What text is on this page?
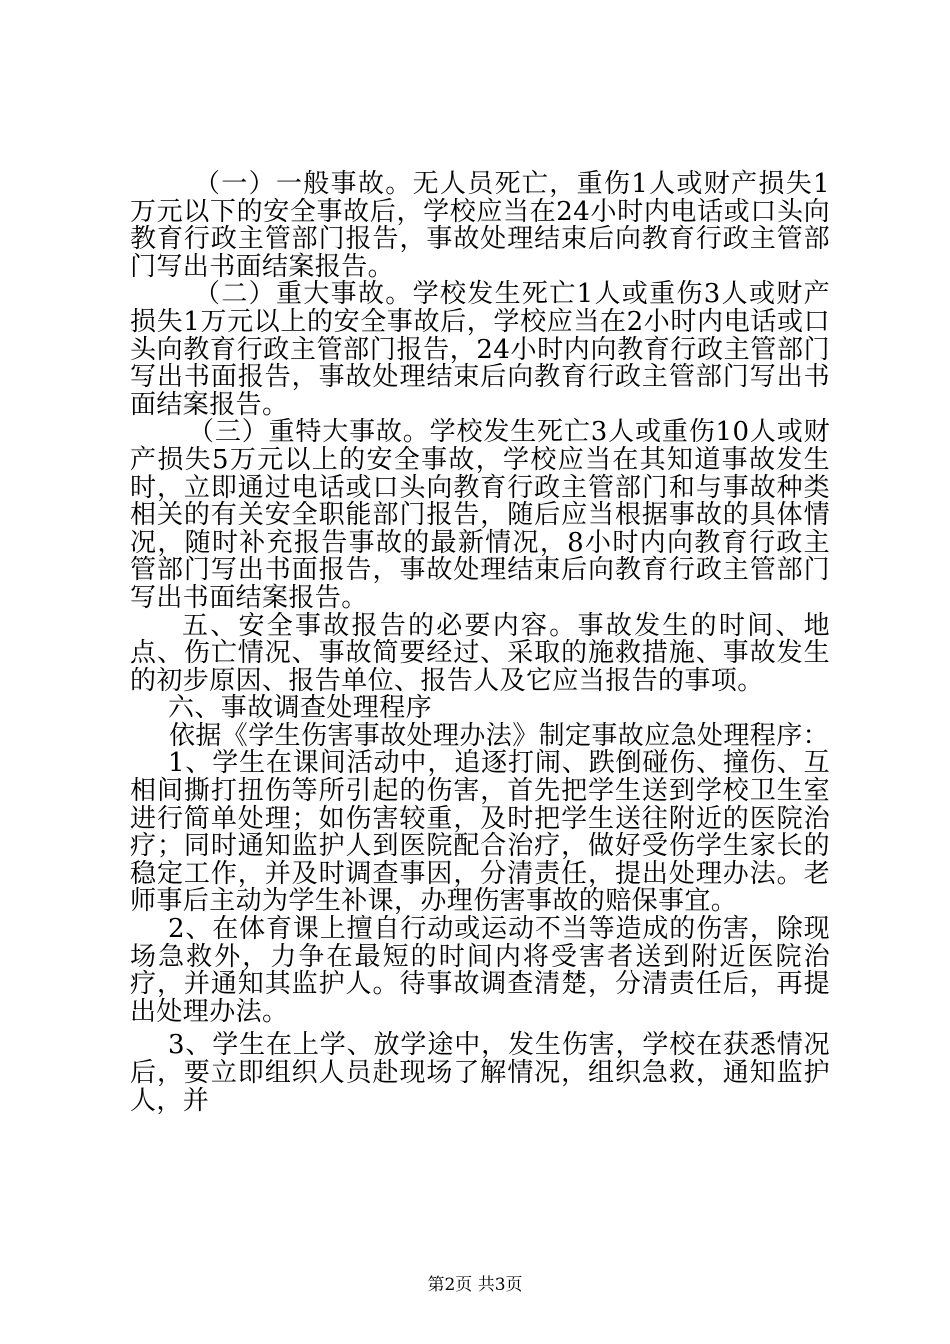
（一）一般事故。无人员死亡，重伤1人或财产损失1万元以下的安全事故后，学校应当在24小时内电话或口头向教育行政主管部门报告，事故处理结束后向教育行政主管部门写出书面结案报告。

（二）重大事故。学校发生死亡1人或重伤3人或财产损失1万元以上的安全事故后，学校应当在2小时内电话或口头向教育行政主管部门报告，24小时内向教育行政主管部门写出书面报告，事故处理结束后向教育行政主管部门写出书面结案报告。

（三）重特大事故。学校发生死亡3人或重伤10人或财产损失5万元以上的安全事故，学校应当在其知道事故发生时，立即通过电话或口头向教育行政主管部门和与事故种类相关的有关安全职能部门报告，随后应当根据事故的具体情况，随时补充报告事故的最新情况，8小时内向教育行政主管部门写出书面报告，事故处理结束后向教育行政主管部门写出书面结案报告。

五、安全事故报告的必要内容。事故发生的时间、地点、伤亡情况、事故简要经过、采取的施救措施、事故发生的初步原因、报告单位、报告人及它应当报告的事项。

六、事故调查处理程序

依据《学生伤害事故处理办法》制定事故应急处理程序：

1、学生在课间活动中，追逐打闹、跌倒碰伤、撞伤、互相间撕打扭伤等所引起的伤害，首先把学生送到学校卫生室进行简单处理；如伤害较重，及时把学生送往附近的医院治疗；同时通知监护人到医院配合治疗，做好受伤学生家长的稳定工作，并及时调查事因，分清责任，提出处理办法。老师事后主动为学生补课，办理伤害事故的赔保事宜。

2、在体育课上擅自行动或运动不当等造成的伤害，除现场急救外，力争在最短的时间内将受害者送到附近医院治疗，并通知其监护人。待事故调查清楚，分清责任后，再提出处理办法。

3、学生在上学、放学途中，发生伤害，学校在获悉情况后，要立即组织人员赴现场了解情况，组织急救，通知监护人，并

第2页 共3页
